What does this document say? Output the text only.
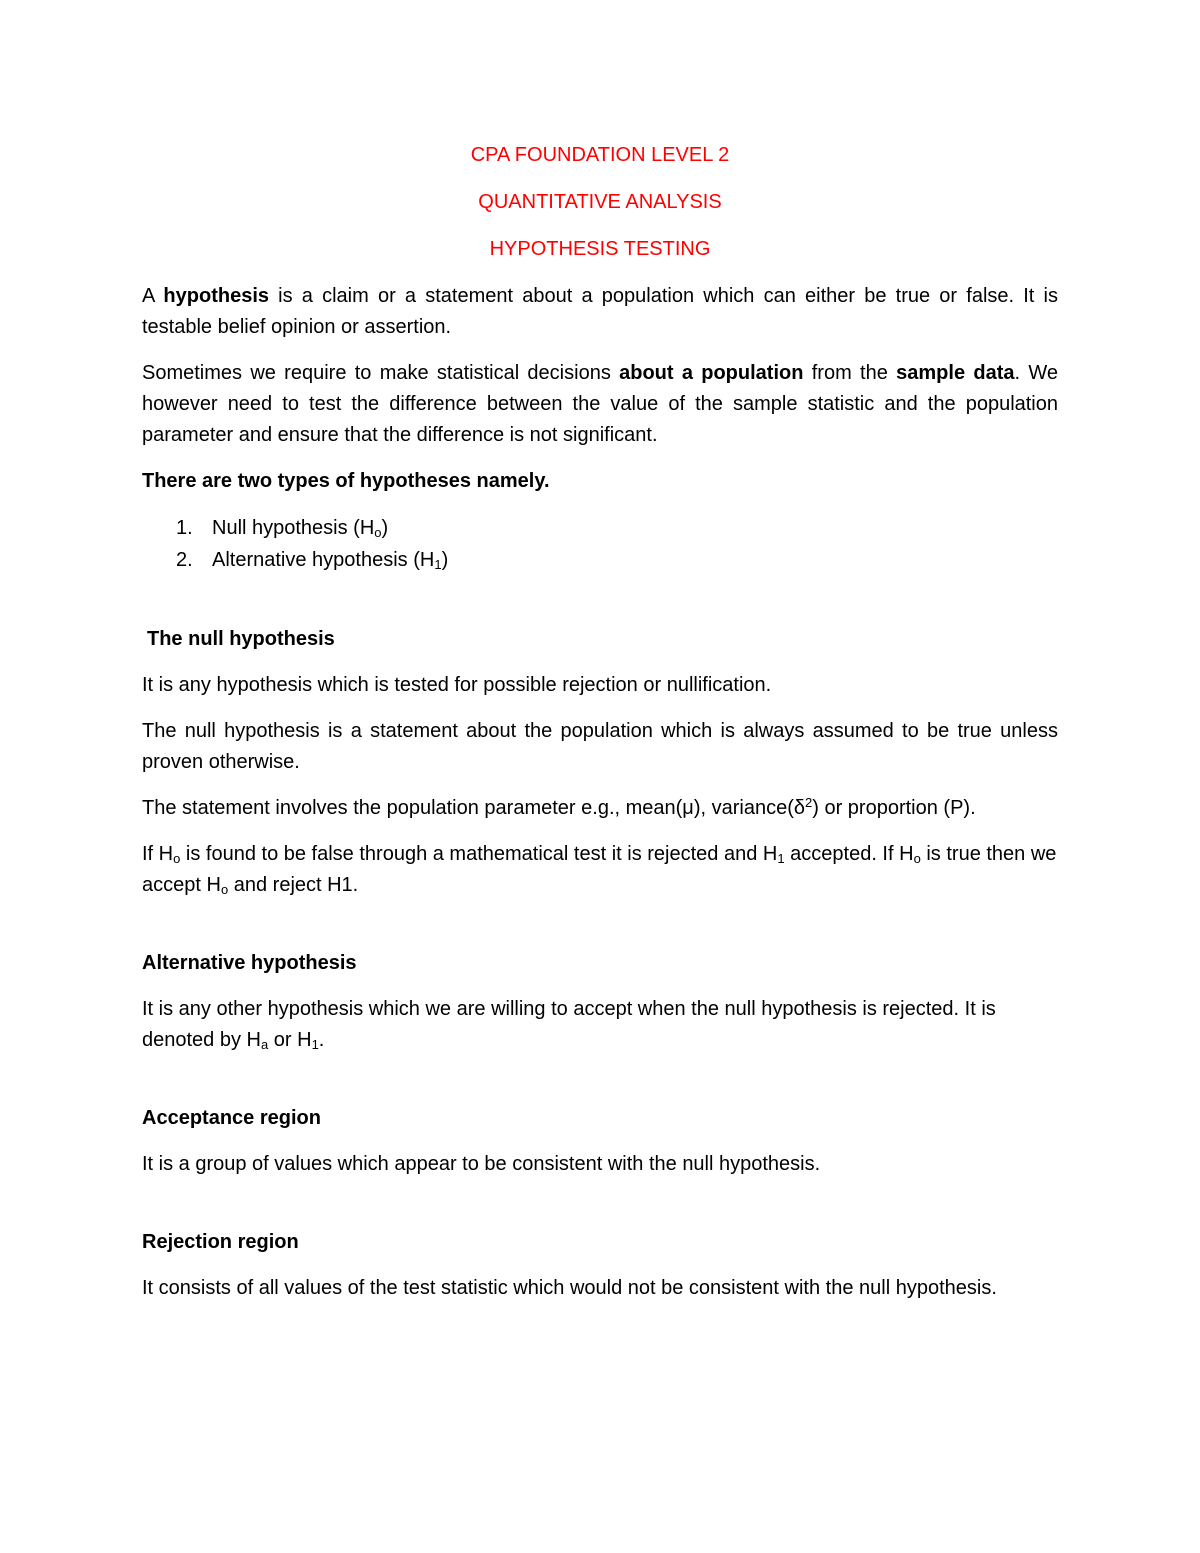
CPA FOUNDATION LEVEL 2
QUANTITATIVE ANALYSIS
HYPOTHESIS TESTING

A hypothesis is a claim or a statement about a population which can either be true or false. It is testable belief opinion or assertion.

Sometimes we require to make statistical decisions about a population from the sample data. We however need to test the difference between the value of the sample statistic and the population parameter and ensure that the difference is not significant.

There are two types of hypotheses namely.
1. Null hypothesis $(H_o)$
2. Alternative hypothesis $(H_1)$
The null hypothesis

It is any hypothesis which is tested for possible rejection or nullification.

The null hypothesis is a statement about the population which is always assumed to be true unless proven otherwise.

The statement involves the population parameter e.g., mean(μ), $variance(\delta^2)$ or proportion (P).

If $H_o$ is found to be false through a mathematical test it is rejected and $H_1$ accepted. If $H_o$ is true then we accept $H_o$ and reject H1.

Alternative hypothesis

It is any other hypothesis which we are willing to accept when the null hypothesis is rejected. It is denoted by $H_a$ or $H_1$.

Acceptance region

It is a group of values which appear to be consistent with the null hypothesis.

Rejection region

It consists of all values of the test statistic which would not be consistent with the null hypothesis.
